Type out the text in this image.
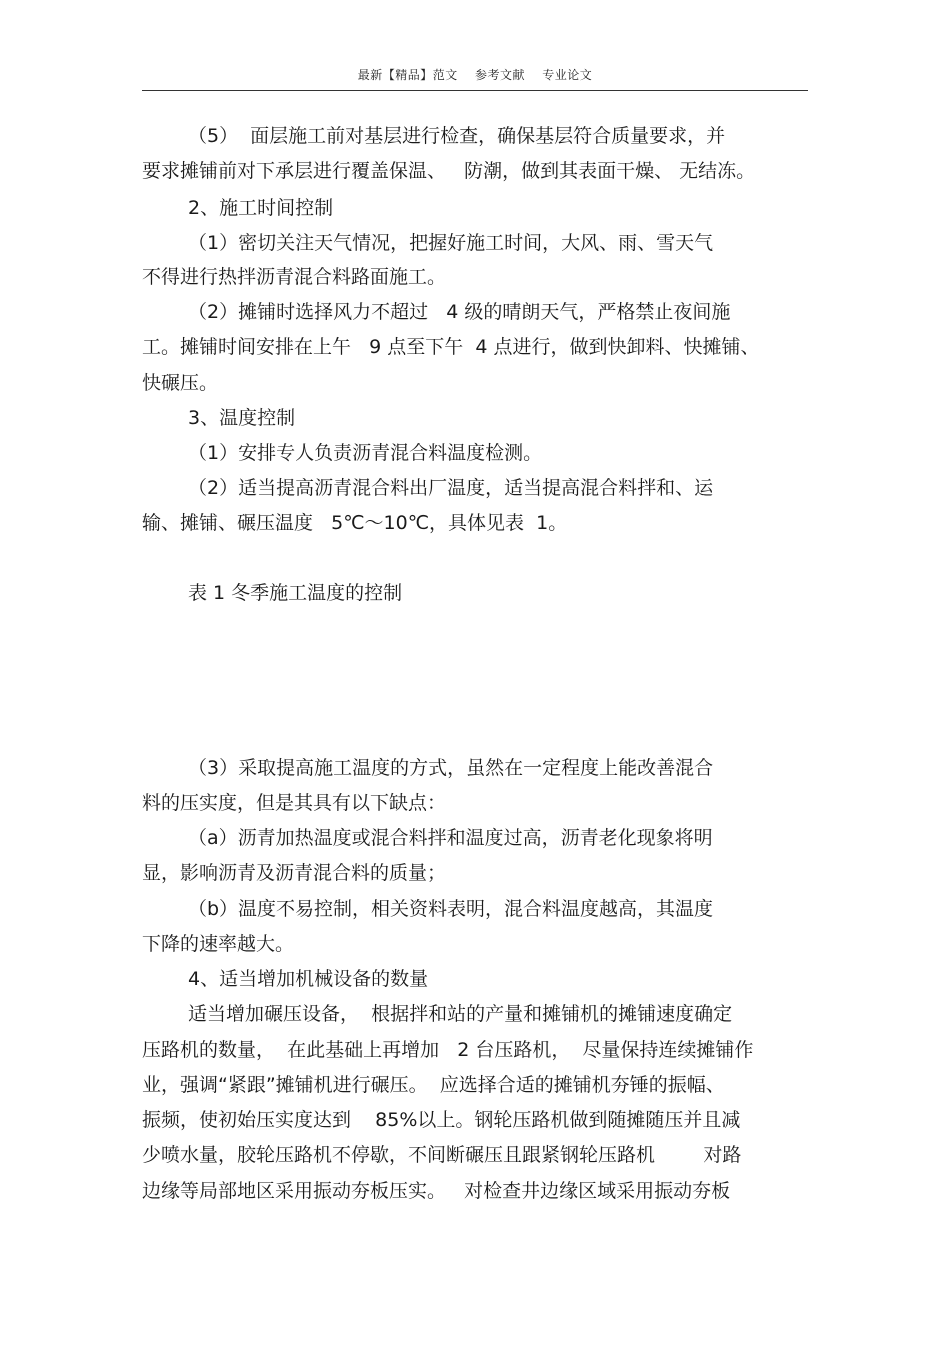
最新【精品】范文    参考文献    专业论文
（5）  面层施工前对基层进行检查，确保基层符合质量要求，并
要求摊铺前对下承层进行覆盖保温、   防潮，做到其表面干燥、 无结冻。
2、施工时间控制
（1）密切关注天气情况，把握好施工时间，大风、雨、雪天气
不得进行热拌沥青混合料路面施工。
（2）摊铺时选择风力不超过   4 级的晴朗天气，严格禁止夜间施
工。摊铺时间安排在上午   9 点至下午  4 点进行，做到快卸料、快摊铺、
快碾压。
3、温度控制
（1）安排专人负责沥青混合料温度检测。
（2）适当提高沥青混合料出厂温度，适当提高混合料拌和、运
输、摊铺、碾压温度   5℃～10℃，具体见表  1。
表 1 冬季施工温度的控制
（3）采取提高施工温度的方式，虽然在一定程度上能改善混合
料的压实度，但是其具有以下缺点：
（a）沥青加热温度或混合料拌和温度过高，沥青老化现象将明
显，影响沥青及沥青混合料的质量；
（b）温度不易控制，相关资料表明，混合料温度越高，其温度
下降的速率越大。
4、适当增加机械设备的数量
适当增加碾压设备，  根据拌和站的产量和摊铺机的摊铺速度确定
压路机的数量，  在此基础上再增加   2 台压路机，  尽量保持连续摊铺作
业，强调“紧跟”摊铺机进行碾压。  应选择合适的摊铺机夯锤的振幅、
振频，使初始压实度达到    85%以上。钢轮压路机做到随摊随压并且减
少喷水量，胶轮压路机不停歇，不间断碾压且跟紧钢轮压路机        对路
边缘等局部地区采用振动夯板压实。   对检查井边缘区域采用振动夯板
